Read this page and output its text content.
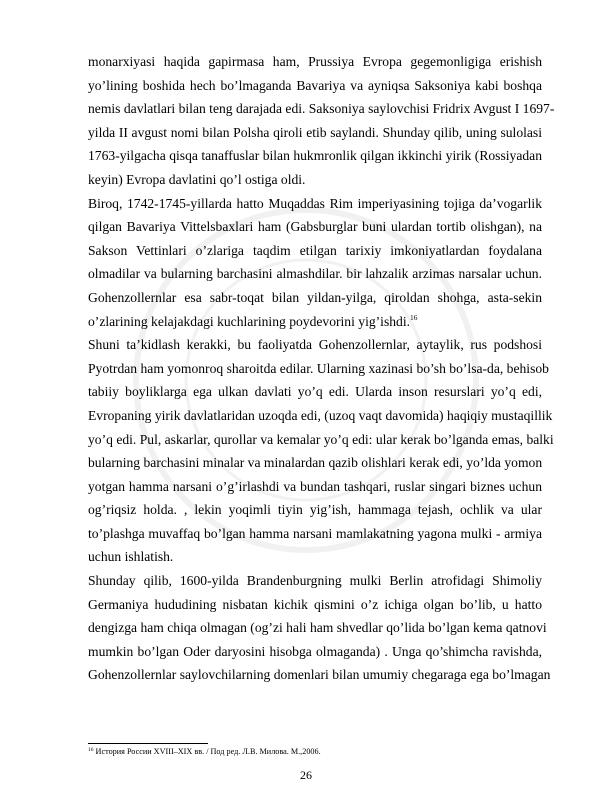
monarxiyasi haqida gapirmasa ham, Prussiya Evropa gegemonligiga erishish
yo’lining boshida hech bo’lmaganda Bavariya va ayniqsa Saksoniya kabi boshqa
nemis davlatlari bilan teng darajada edi. Saksoniya saylovchisi Fridrix Avgust I 1697-
yilda II avgust nomi bilan Polsha qiroli etib saylandi. Shunday qilib, uning sulolasi
1763-yilgacha qisqa tanaffuslar bilan hukmronlik qilgan ikkinchi yirik (Rossiyadan
keyin) Evropa davlatini qo’l ostiga oldi.
Biroq, 1742-1745-yillarda hatto Muqaddas Rim imperiyasining tojiga da’vogarlik
qilgan Bavariya Vittelsbaxlari ham (Gabsburglar buni ulardan tortib olishgan), na
Sakson Vettinlari o’zlariga taqdim etilgan tarixiy imkoniyatlardan foydalana
olmadilar va bularning barchasini almashdilar. bir lahzalik arzimas narsalar uchun.
Gohenzollernlar esa sabr-toqat bilan yildan-yilga, qiroldan shohga, asta-sekin
o’zlarining kelajakdagi kuchlarining poydevorini yig’ishdi.$^{16}$
Shuni ta’kidlash kerakki, bu faoliyatda Gohenzollernlar, aytaylik, rus podshosi
Pyotrdan ham yomonroq sharoitda edilar. Ularning xazinasi bo’sh bo’lsa-da, behisob
tabiiy boyliklarga ega ulkan davlati yo’q edi. Ularda inson resurslari yo’q edi,
Evropaning yirik davlatlaridan uzoqda edi, (uzoq vaqt davomida) haqiqiy mustaqillik
yo’q edi. Pul, askarlar, qurollar va kemalar yo’q edi: ular kerak bo’lganda emas, balki
bularning barchasini minalar va minalardan qazib olishlari kerak edi, yo’lda yomon
yotgan hamma narsani o’g’irlashdi va bundan tashqari, ruslar singari biznes uchun
og’riqsiz holda. , lekin yoqimli tiyin yig’ish, hammaga tejash, ochlik va ular
to’plashga muvaffaq bo’lgan hamma narsani mamlakatning yagona mulki - armiya
uchun ishlatish.
Shunday qilib, 1600-yilda Brandenburgning mulki Berlin atrofidagi Shimoliy
Germaniya hududining nisbatan kichik qismini o’z ichiga olgan bo’lib, u hatto
dengizga ham chiqa olmagan (og’zi hali ham shvedlar qo’lida bo’lgan kema qatnovi
mumkin bo’lgan Oder daryosini hisobga olmaganda) . Unga qo’shimcha ravishda,
Gohenzollernlar saylovchilarning domenlari bilan umumiy chegaraga ega bo’lmagan
$^{16}$ История России XVIII–XIX вв. / Под ред. Л.В. Милова. М.,2006.
26
